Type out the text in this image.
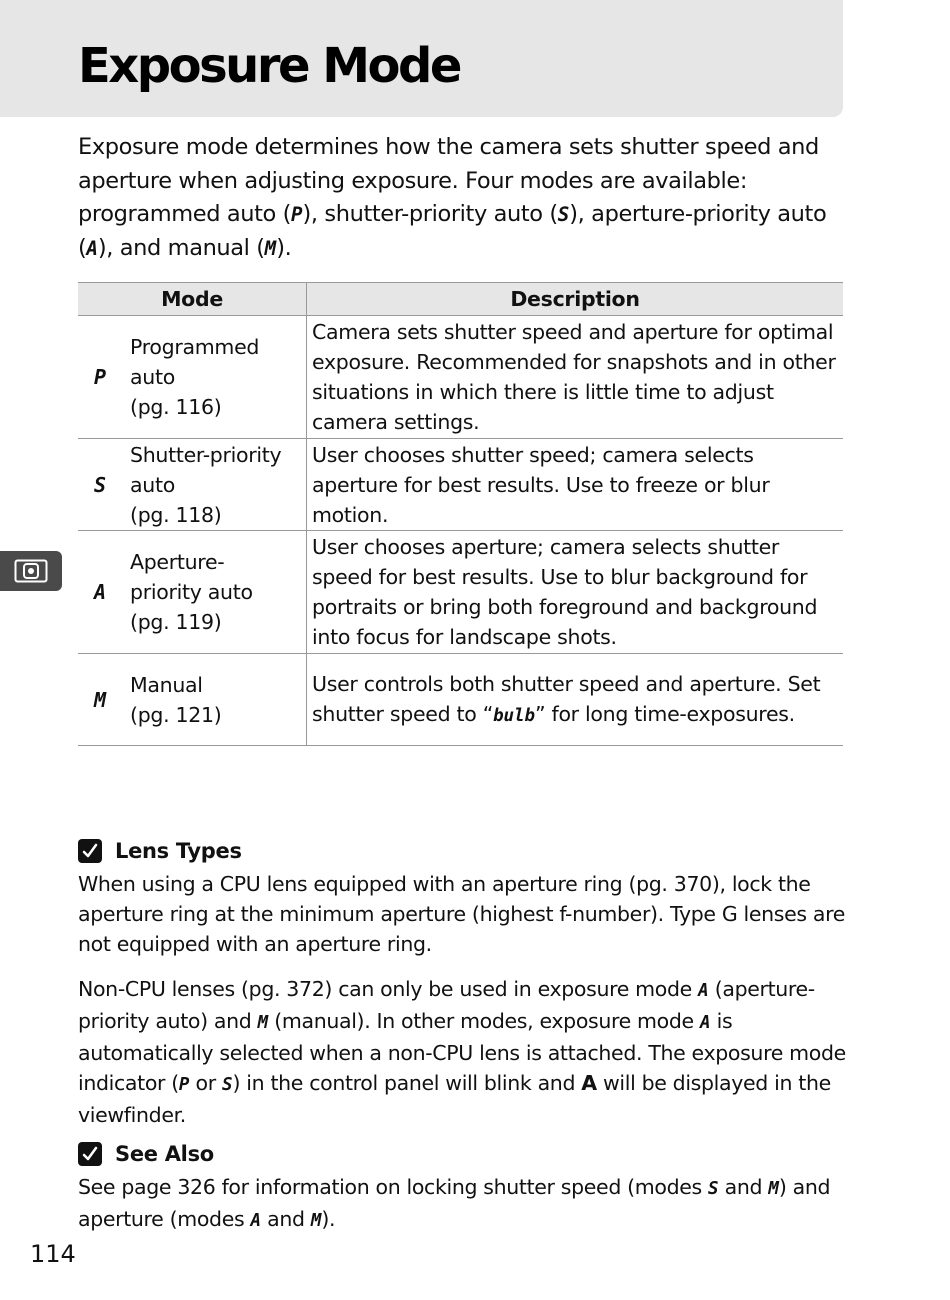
Exposure Mode

Exposure mode determines how the camera sets shutter speed and aperture when adjusting exposure. Four modes are available: programmed auto (P), shutter-priority auto (S), aperture-priority auto (A), and manual (M).

Mode	Description

P
Programmed
auto
(pg. 116)	Camera sets shutter speed and aperture for optimal exposure. Recommended for snapshots and in other situations in which there is little time to adjust camera settings.

S
Shutter-priority
auto
(pg. 118)	User chooses shutter speed; camera selects aperture for best results. Use to freeze or blur motion.

A
Aperture-
priority auto
(pg. 119)	User chooses aperture; camera selects shutter speed for best results. Use to blur background for portraits or bring both foreground and background into focus for landscape shots.

M
Manual
(pg. 121)	User controls both shutter speed and aperture. Set shutter speed to “bulb” for long time-exposures.
Lens Types

When using a CPU lens equipped with an aperture ring (pg. 370), lock the aperture ring at the minimum aperture (highest f-number). Type G lenses are not equipped with an aperture ring.

Non-CPU lenses (pg. 372) can only be used in exposure mode A (aperture-priority auto) and M (manual). In other modes, exposure mode A is automatically selected when a non-CPU lens is attached. The exposure mode indicator (P or S) in the control panel will blink and A will be displayed in the viewfinder.

See Also

See page 326 for information on locking shutter speed (modes S and M) and aperture (modes A and M).

114
